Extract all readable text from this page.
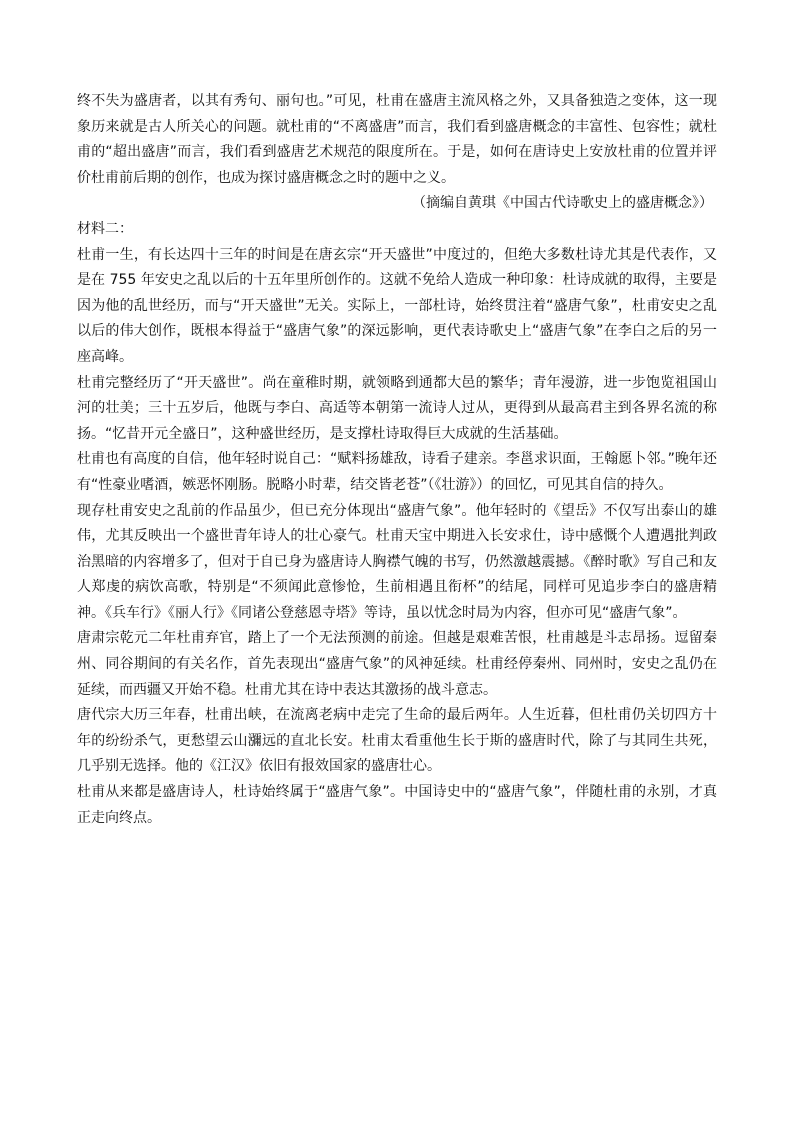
终不失为盛唐者，以其有秀句、丽句也。”可见，杜甫在盛唐主流风格之外，又具备独造之变体，这一现象历来就是古人所关心的问题。就杜甫的“不离盛唐”而言，我们看到盛唐概念的丰富性、包容性；就杜甫的“超出盛唐”而言，我们看到盛唐艺术规范的限度所在。于是，如何在唐诗史上安放杜甫的位置并评价杜甫前后期的创作，也成为探讨盛唐概念之时的题中之义。

（摘编自黄琪《中国古代诗歌史上的盛唐概念》）

材料二：

杜甫一生，有长达四十三年的时间是在唐玄宗“开天盛世”中度过的，但绝大多数杜诗尤其是代表作，又是在 755 年安史之乱以后的十五年里所创作的。这就不免给人造成一种印象：杜诗成就的取得，主要是因为他的乱世经历，而与“开天盛世”无关。实际上，一部杜诗，始终贯注着“盛唐气象”，杜甫安史之乱以后的伟大创作，既根本得益于“盛唐气象”的深远影响，更代表诗歌史上“盛唐气象”在李白之后的另一座高峰。

杜甫完整经历了“开天盛世”。尚在童稚时期，就领略到通都大邑的繁华；青年漫游，进一步饱览祖国山河的壮美；三十五岁后，他既与李白、高适等本朝第一流诗人过从，更得到从最高君主到各界名流的称扬。“忆昔开元全盛日”，这种盛世经历，是支撑杜诗取得巨大成就的生活基础。

杜甫也有高度的自信，他年轻时说自己：“赋料扬雄敌，诗看子建亲。李邕求识面，王翰愿卜邻。”晚年还有“性豪业嗜酒，嫉恶怀刚肠。脱略小时辈，结交皆老苍”（《壮游》）的回忆，可见其自信的持久。

现存杜甫安史之乱前的作品虽少，但已充分体现出“盛唐气象”。他年轻时的《望岳》不仅写出泰山的雄伟，尤其反映出一个盛世青年诗人的壮心豪气。杜甫天宝中期进入长安求仕，诗中感慨个人遭遇批判政治黑暗的内容增多了，但对于自已身为盛唐诗人胸襟气魄的书写，仍然激越震撼。《醉时歌》写自己和友人郑虔的病饮高歌，特别是“不须闻此意惨怆，生前相遇且衔杯”的结尾，同样可见追步李白的盛唐精神。《兵车行》《丽人行》《同诸公登慈恩寺塔》等诗，虽以忧念时局为内容，但亦可见“盛唐气象”。

唐肃宗乾元二年杜甫弃官，踏上了一个无法预测的前途。但越是艰难苦恨，杜甫越是斗志昂扬。逗留秦州、同谷期间的有关名作，首先表现出“盛唐气象”的风神延续。杜甫经停秦州、同州时，安史之乱仍在延续，而西疆又开始不稳。杜甫尤其在诗中表达其激扬的战斗意志。

唐代宗大历三年春，杜甫出峡，在流离老病中走完了生命的最后两年。人生近暮，但杜甫仍关切四方十年的纷纷杀气，更愁望云山瀰远的直北长安。杜甫太看重他生长于斯的盛唐时代，除了与其同生共死，几乎别无选择。他的《江汉》依旧有报效国家的盛唐壮心。

杜甫从来都是盛唐诗人，杜诗始终属于“盛唐气象”。中国诗史中的“盛唐气象”，伴随杜甫的永别，才真正走向终点。
